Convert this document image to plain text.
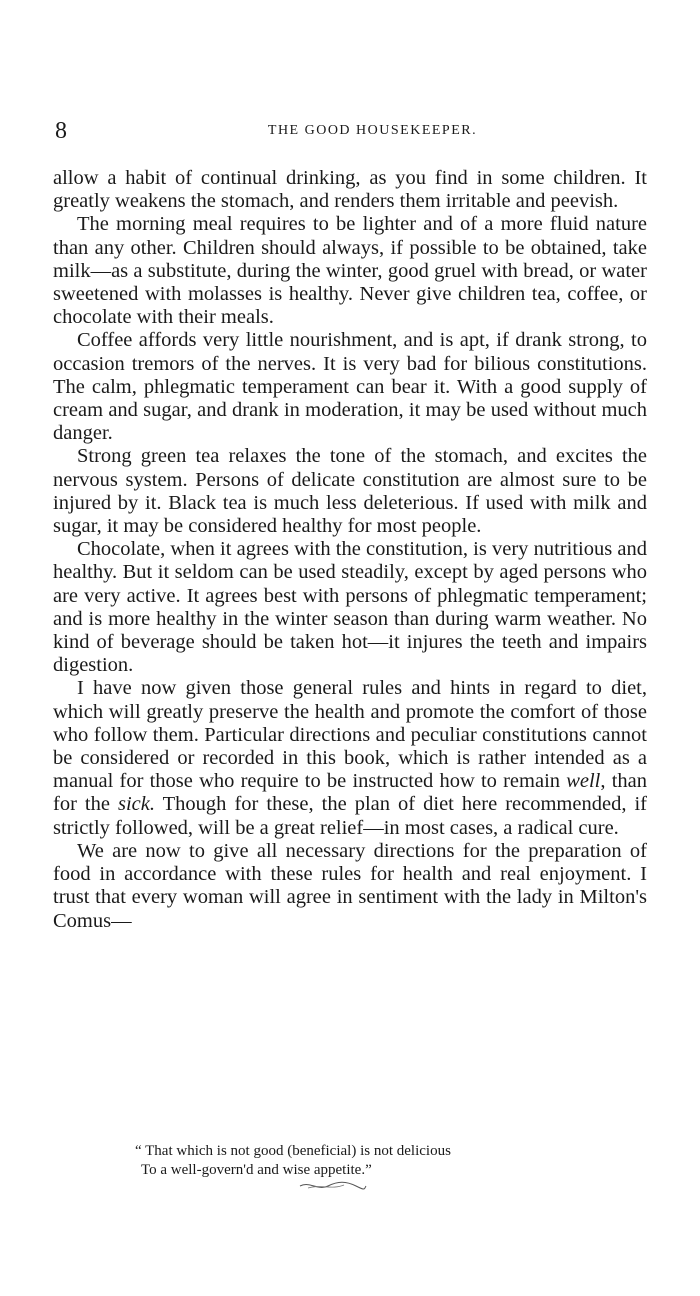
8	THE GOOD HOUSEKEEPER.

allow a habit of continual drinking, as you find in some children. It greatly weakens the stomach, and renders them irritable and peevish.

The morning meal requires to be lighter and of a more fluid nature than any other. Children should always, if possible to be obtained, take milk—as a substitute, during the winter, good gruel with bread, or water sweetened with molasses is healthy. Never give children tea, coffee, or chocolate with their meals.

Coffee affords very little nourishment, and is apt, if drank strong, to occasion tremors of the nerves. It is very bad for bilious constitutions. The calm, phlegmatic temperament can bear it. With a good supply of cream and sugar, and drank in moderation, it may be used without much danger.

Strong green tea relaxes the tone of the stomach, and excites the nervous system. Persons of delicate constitution are almost sure to be injured by it. Black tea is much less deleterious. If used with milk and sugar, it may be considered healthy for most people.

Chocolate, when it agrees with the constitution, is very nutritious and healthy. But it seldom can be used steadily, except by aged persons who are very active. It agrees best with persons of phlegmatic temperament; and is more healthy in the winter season than during warm weather. No kind of beverage should be taken hot—it injures the teeth and impairs digestion.

I have now given those general rules and hints in regard to diet, which will greatly preserve the health and promote the comfort of those who follow them. Particular directions and peculiar constitutions cannot be considered or recorded in this book, which is rather intended as a manual for those who require to be instructed how to remain well, than for the sick. Though for these, the plan of diet here recommended, if strictly followed, will be a great relief—in most cases, a radical cure.

We are now to give all necessary directions for the preparation of food in accordance with these rules for health and real enjoyment. I trust that every woman will agree in sentiment with the lady in Milton's Comus—

“ That which is not good (beneficial) is not delicious
To a well-govern'd and wise appetite.”
